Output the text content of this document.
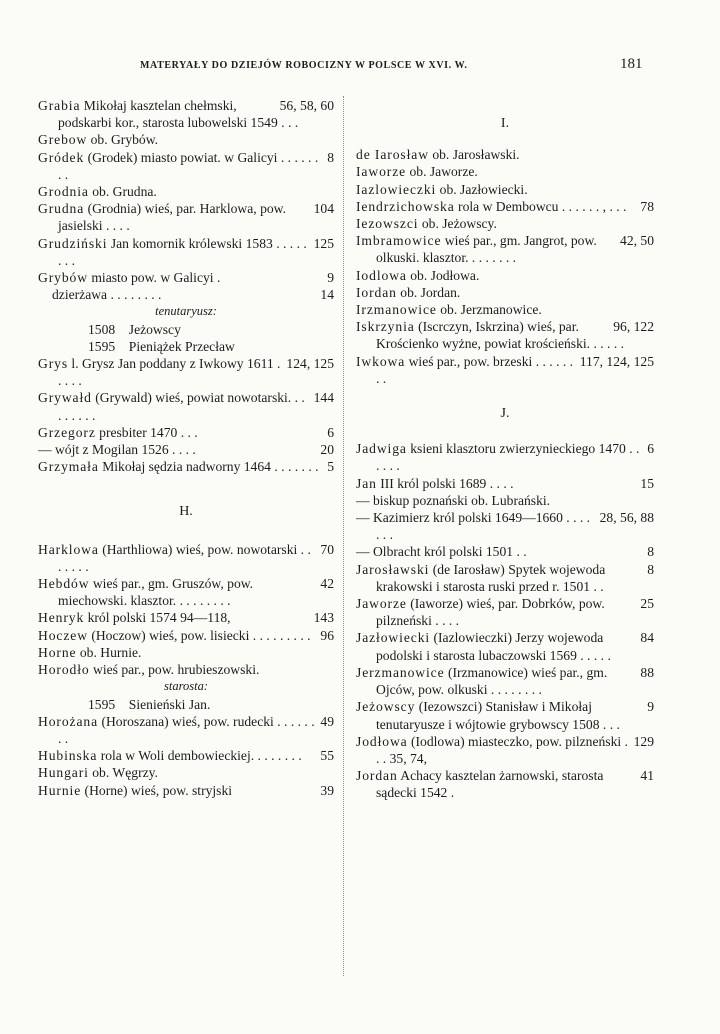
MATERYAŁY DO DZIEJÓW ROBOCIZNY W POLSCE W XVI. W.	181
56, 58, 60
Grabia Mikołaj kasztelan chełmski, podskarbi kor., starosta lubowelski 1549 . . .
Grebow ob. Grybów.
8
Gródek (Grodek) miasto powiat. w Galicyi . . . . . . . .
Grodnia ob. Grudna.
104
Grudna (Grodnia) wieś, par. Harklowa, pow. jasielski . . . .
125
Grudziński Jan komornik królewski 1583 . . . . . . . .
9
Grybów miasto pow. w Galicyi .
14
dzierżawa . . . . . . . .
tenutaryusz:
1508    Jeżowscy
1595    Pieniążek Przecław
124, 125
Grys l. Grysz Jan poddany z Iwkowy 1611 . . . . .
144
Grywałd (Grywald) wieś, powiat nowotarski. . . . . . . . .
6
Grzegorz presbiter 1470 . . .
20
— wójt z Mogilan 1526 . . . .
5
Grzymała Mikołaj sędzia nadworny 1464 . . . . . . .
H.
70
Harklowa (Harthliowa) wieś, pow. nowotarski . . . . . . .
42
Hebdów wieś par., gm. Gruszów, pow. miechowski. klasztor. . . . . . . . .
143
Henryk król polski 1574 94—118,
96
Hoczew (Hoczow) wieś, pow. lisiecki . . . . . . . . .
Horne ob. Hurnie.
Horodło wieś par., pow. hrubieszowski.
starosta:
1595    Sienieński Jan.
49
Horożana (Horoszana) wieś, pow. rudecki . . . . . . . .
55
Hubinska rola w Woli dembowieckiej. . . . . . . .
Hungari ob. Węgrzy.
39
Hurnie (Horne) wieś, pow. stryjski
I.
de Iarosław ob. Jarosławski.
Iaworze ob. Jaworze.
Iazlowieczki ob. Jazłowiecki.
78
Iendrzichowska rola w Dembowcu . . . . . . , . . .
Iezowszci ob. Jeżowscy.
42, 50
Imbramowice wieś par., gm. Jangrot, pow. olkuski. klasztor. . . . . . . .
Iodlowa ob. Jodłowa.
Iordan ob. Jordan.
Irzmanowice ob. Jerzmanowice.
96, 122
Iskrzynia (Iscrczyn, Iskrzina) wieś, par. Krościenko wyżne, powiat krościeński. . . . . .
117, 124, 125
Iwkowa wieś par., pow. brzeski . . . . . . . .
J.
6
Jadwiga ksieni klasztoru zwierzynieckiego 1470 . . . . . .
15
Jan III król polski 1689 . . . .
— biskup poznański ob. Lubrański.
28, 56, 88
— Kazimierz król polski 1649—1660 . . . . . . .
8
— Olbracht król polski 1501 . .
8
Jarosławski (de Iarosław) Spytek wojewoda krakowski i starosta ruski przed r. 1501 . .
25
Jaworze (Iaworze) wieś, par. Dobrków, pow. pilzneński . . . .
84
Jazłowiecki (Iazlowieczki) Jerzy wojewoda podolski i starosta lubaczowski 1569 . . . . .
88
Jerzmanowice (Irzmanowice) wieś par., gm. Ojców, pow. olkuski . . . . . . . .
9
Jeżowscy (Iezowszci) Stanisław i Mikołaj tenutaryusze i wójtowie grybowscy 1508 . . .
129
Jodłowa (Iodlowa) miasteczko, pow. pilzneński . . . 35, 74,
41
Jordan Achacy kasztelan żarnowski, starosta sądecki 1542 .
